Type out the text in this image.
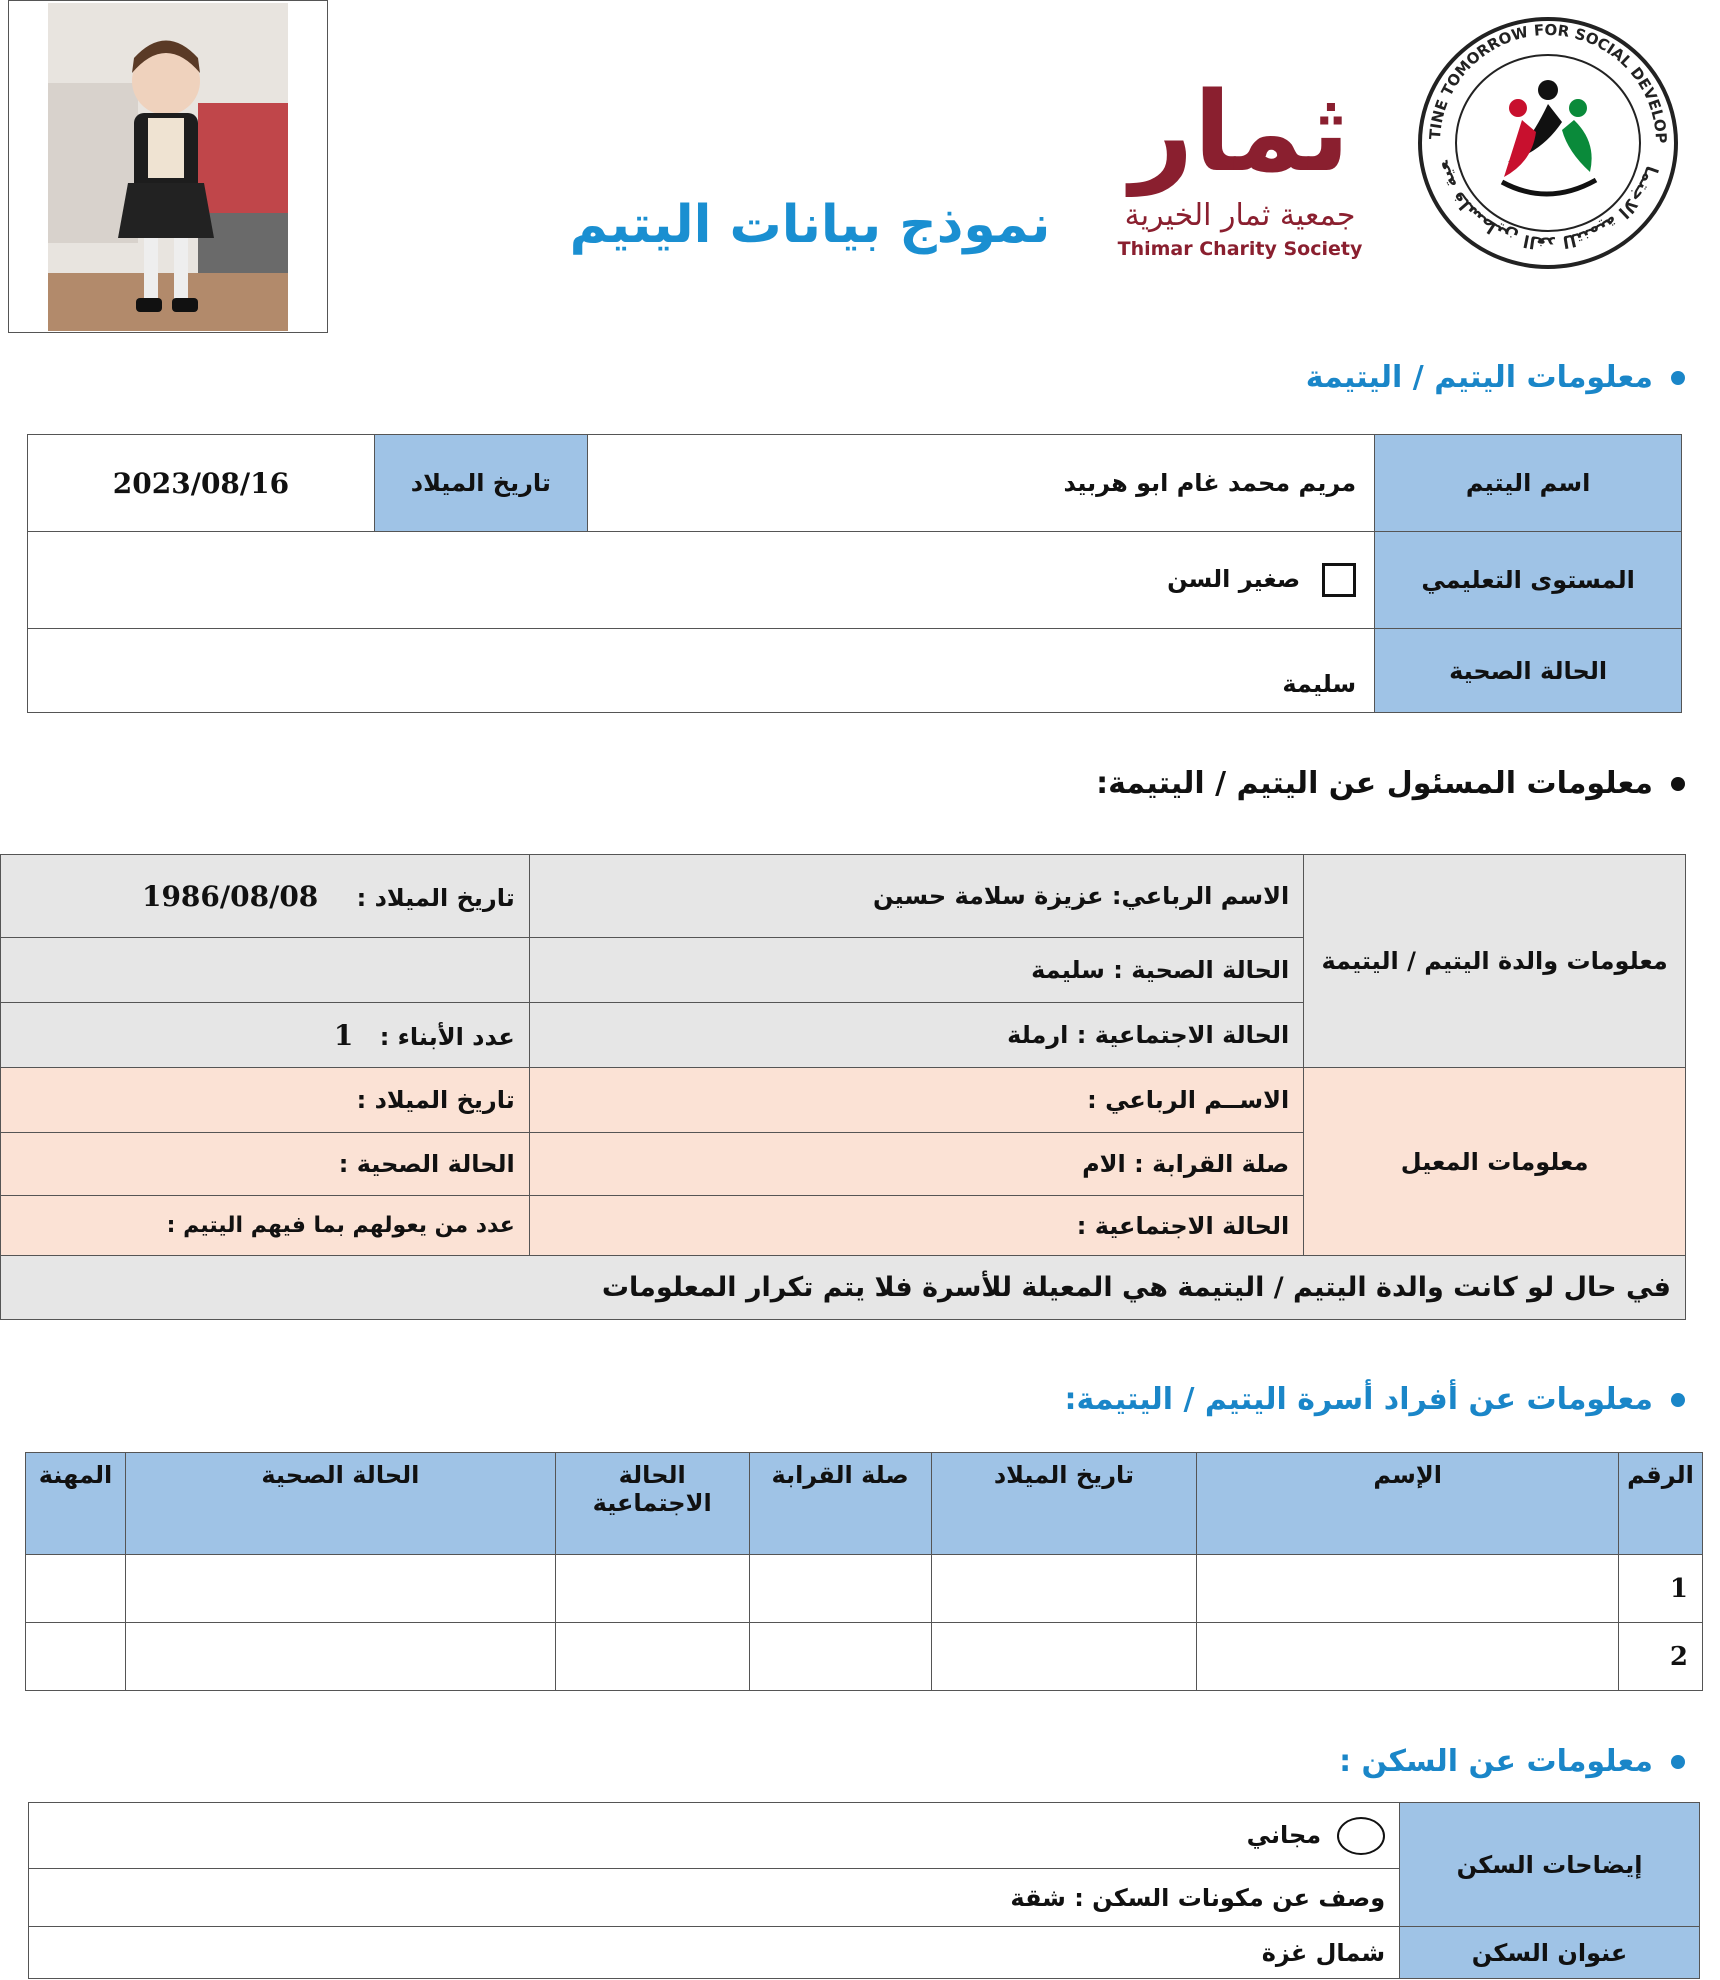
نموذج بيانات اليتيم
ثمار
جمعية ثمار الخيرية
Thimar Charity Society
TINE TOMORROW FOR SOCIAL DEVELOP
عية فلسطين الغد للتنمية الاجتماعية
معلومات اليتيم / اليتيمة
اسم اليتيم	مريم محمد غام ابو هربيد	تاريخ الميلاد	2023/08/16
المستوى التعليمي	صغير السن		
الحالة الصحية	سليمة		
معلومات المسئول عن اليتيم / اليتيمة:
معلومات والدة اليتيم / اليتيمة	الاسم الرباعي: عزيزة سلامة حسين	تاريخ الميلاد : 1986/08/08
	الحالة الصحية : سليمة	
	الحالة الاجتماعية : ارملة	عدد الأبناء : 1
معلومات المعيل	الاســم الرباعي :	تاريخ الميلاد :
	صلة القرابة : الام	الحالة الصحية :
	الحالة الاجتماعية :	عدد من يعولهم بما فيهم اليتيم :
في حال لو كانت والدة اليتيم / اليتيمة هي المعيلة للأسرة فلا يتم تكرار المعلومات		
معلومات عن أفراد أسرة اليتيم / اليتيمة:
الرقم	الإسم	تاريخ الميلاد	صلة القرابة	الحالة الاجتماعية	الحالة الصحية	المهنة
1						
2						
معلومات عن السكن :
إيضاحات السكن	مجاني
	وصف عن مكونات السكن : شقة
عنوان السكن	شمال غزة
